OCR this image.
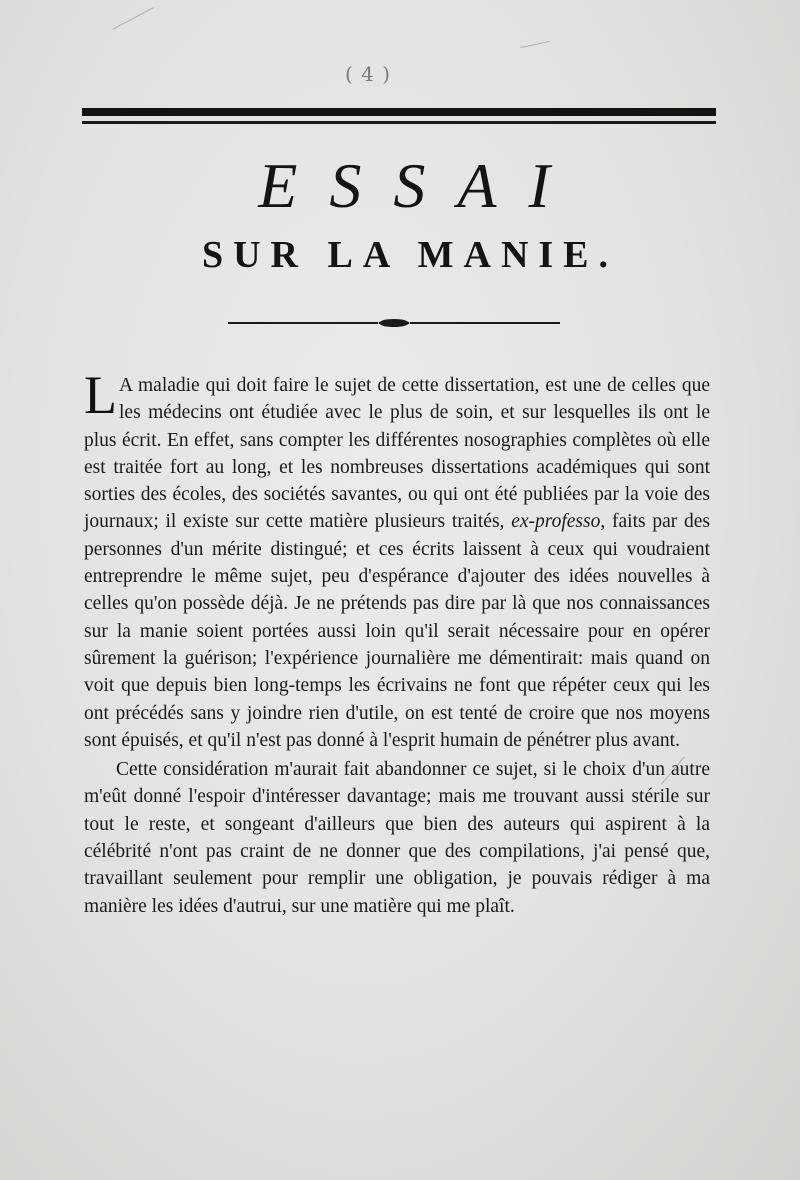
( 4 )
ESSAI
SUR LA MANIE.

LA maladie qui doit faire le sujet de cette dissertation, est une de celles que les médecins ont étudiée avec le plus de soin, et sur lesquelles ils ont le plus écrit. En effet, sans compter les différentes nosographies complètes où elle est traitée fort au long, et les nombreuses dissertations académiques qui sont sorties des écoles, des sociétés savantes, ou qui ont été publiées par la voie des journaux; il existe sur cette matière plusieurs traités, ex-professo, faits par des personnes d'un mérite distingué; et ces écrits laissent à ceux qui voudraient entreprendre le même sujet, peu d'espérance d'ajouter des idées nouvelles à celles qu'on possède déjà. Je ne prétends pas dire par là que nos connaissances sur la manie soient portées aussi loin qu'il serait nécessaire pour en opérer sûrement la guérison; l'expérience journalière me démentirait: mais quand on voit que depuis bien long-temps les écrivains ne font que répéter ceux qui les ont précédés sans y joindre rien d'utile, on est tenté de croire que nos moyens sont épuisés, et qu'il n'est pas donné à l'esprit humain de pénétrer plus avant.

Cette considération m'aurait fait abandonner ce sujet, si le choix d'un autre m'eût donné l'espoir d'intéresser davantage; mais me trouvant aussi stérile sur tout le reste, et songeant d'ailleurs que bien des auteurs qui aspirent à la célébrité n'ont pas craint de ne donner que des compilations, j'ai pensé que, travaillant seulement pour remplir une obligation, je pouvais rédiger à ma manière les idées d'autrui, sur une matière qui me plaît.
